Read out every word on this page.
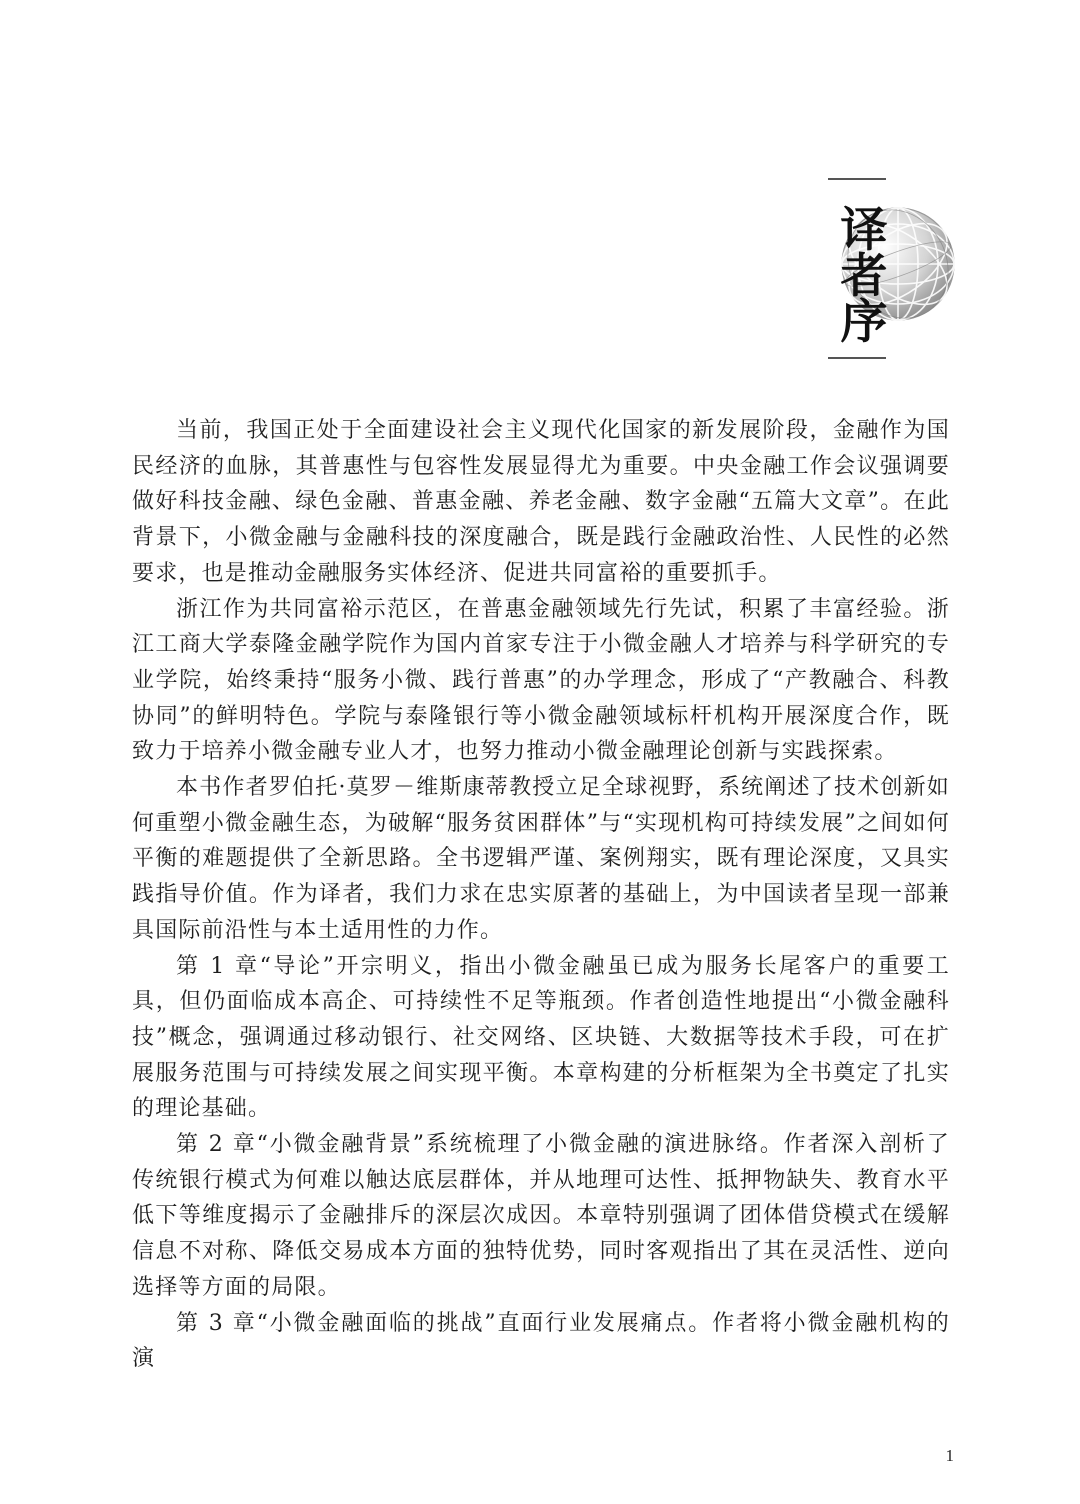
译者序

当前，我国正处于全面建设社会主义现代化国家的新发展阶段，金融作为国民经济的血脉，其普惠性与包容性发展显得尤为重要。中央金融工作会议强调要做好科技金融、绿色金融、普惠金融、养老金融、数字金融“五篇大文章”。在此背景下，小微金融与金融科技的深度融合，既是践行金融政治性、人民性的必然要求，也是推动金融服务实体经济、促进共同富裕的重要抓手。

浙江作为共同富裕示范区，在普惠金融领域先行先试，积累了丰富经验。浙江工商大学泰隆金融学院作为国内首家专注于小微金融人才培养与科学研究的专业学院，始终秉持“服务小微、践行普惠”的办学理念，形成了“产教融合、科教协同”的鲜明特色。学院与泰隆银行等小微金融领域标杆机构开展深度合作，既致力于培养小微金融专业人才，也努力推动小微金融理论创新与实践探索。

本书作者罗伯托·莫罗－维斯康蒂教授立足全球视野，系统阐述了技术创新如何重塑小微金融生态，为破解“服务贫困群体”与“实现机构可持续发展”之间如何平衡的难题提供了全新思路。全书逻辑严谨、案例翔实，既有理论深度，又具实践指导价值。作为译者，我们力求在忠实原著的基础上，为中国读者呈现一部兼具国际前沿性与本土适用性的力作。

第 1 章“导论”开宗明义，指出小微金融虽已成为服务长尾客户的重要工具，但仍面临成本高企、可持续性不足等瓶颈。作者创造性地提出“小微金融科技”概念，强调通过移动银行、社交网络、区块链、大数据等技术手段，可在扩展服务范围与可持续发展之间实现平衡。本章构建的分析框架为全书奠定了扎实的理论基础。

第 2 章“小微金融背景”系统梳理了小微金融的演进脉络。作者深入剖析了传统银行模式为何难以触达底层群体，并从地理可达性、抵押物缺失、教育水平低下等维度揭示了金融排斥的深层次成因。本章特别强调了团体借贷模式在缓解信息不对称、降低交易成本方面的独特优势，同时客观指出了其在灵活性、逆向选择等方面的局限。

第 3 章“小微金融面临的挑战”直面行业发展痛点。作者将小微金融机构的演

1
